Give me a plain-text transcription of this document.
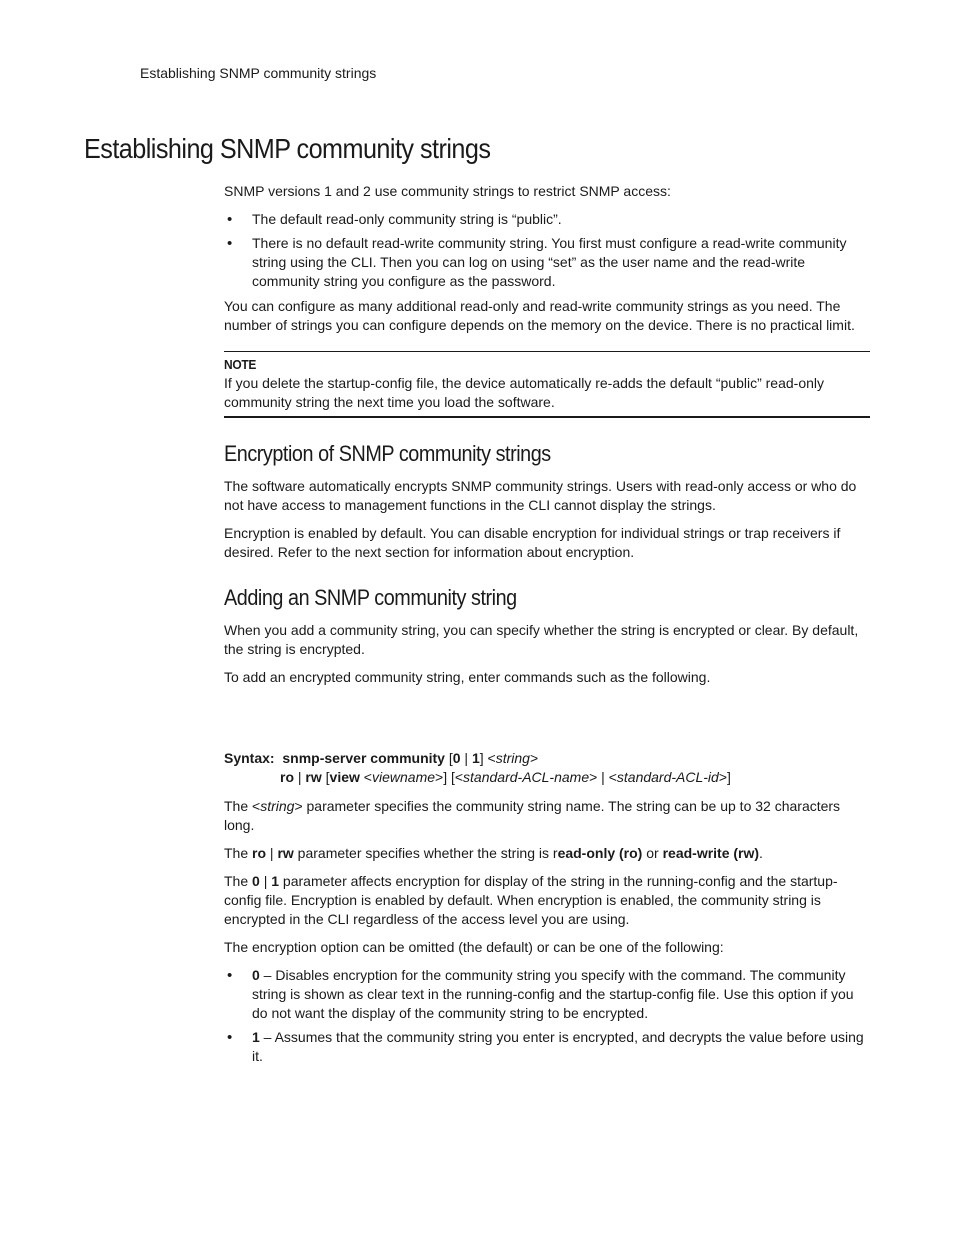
Establishing SNMP community strings
Establishing SNMP community strings

SNMP versions 1 and 2 use community strings to restrict SNMP access:

• The default read-only community string is “public”.
• There is no default read-write community string. You first must configure a read-write community string using the CLI. Then you can log on using “set” as the user name and the read-write community string you configure as the password.

You can configure as many additional read-only and read-write community strings as you need. The number of strings you can configure depends on the memory on the device. There is no practical limit.

NOTE

If you delete the startup-config file, the device automatically re-adds the default “public” read-only community string the next time you load the software.

Encryption of SNMP community strings

The software automatically encrypts SNMP community strings. Users with read-only access or who do not have access to management functions in the CLI cannot display the strings.

Encryption is enabled by default. You can disable encryption for individual strings or trap receivers if desired. Refer to the next section for information about encryption.

Adding an SNMP community string

When you add a community string, you can specify whether the string is encrypted or clear. By default, the string is encrypted.

To add an encrypted community string, enter commands such as the following.

Syntax: snmp-server community [0 | 1] <string>
ro | rw [view <viewname>] [<standard-ACL-name> | <standard-ACL-id>]

The <string> parameter specifies the community string name. The string can be up to 32 characters long.

The ro | rw parameter specifies whether the string is read-only (ro) or read-write (rw).

The 0 | 1 parameter affects encryption for display of the string in the running-config and the startup-config file. Encryption is enabled by default. When encryption is enabled, the community string is encrypted in the CLI regardless of the access level you are using.

The encryption option can be omitted (the default) or can be one of the following:

• 0 – Disables encryption for the community string you specify with the command. The community string is shown as clear text in the running-config and the startup-config file. Use this option if you do not want the display of the community string to be encrypted.
• 1 – Assumes that the community string you enter is encrypted, and decrypts the value before using it.
